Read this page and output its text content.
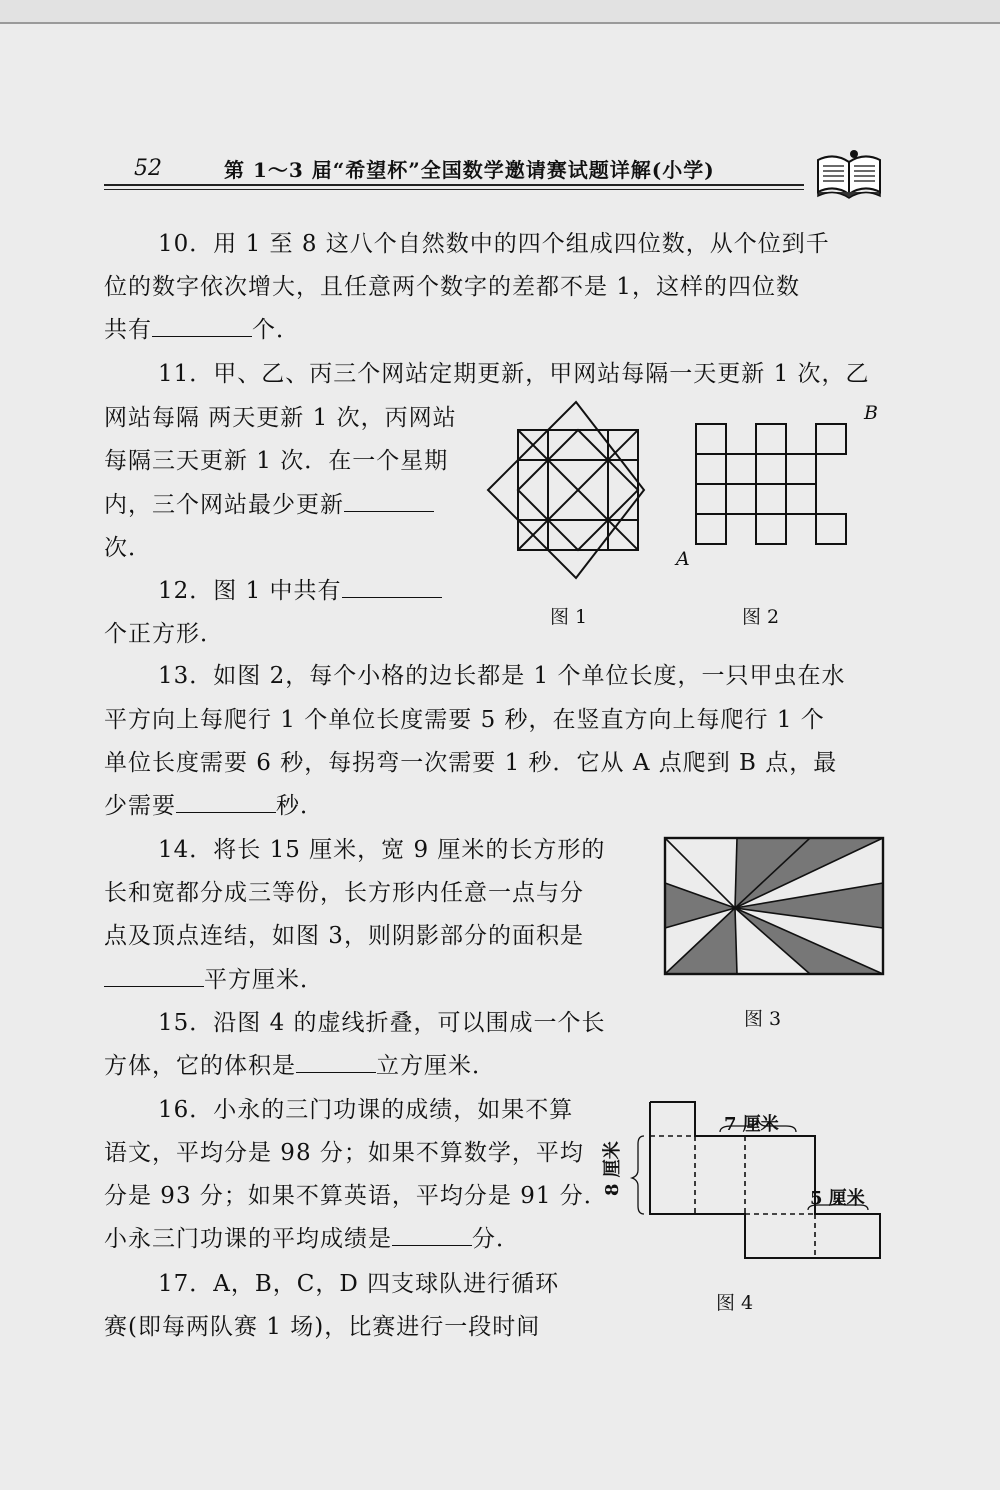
52	第 1～3 届“希望杯”全国数学邀请赛试题详解(小学)
10．用 1 至 8 这八个自然数中的四个组成四位数，从个位到千
位的数字依次增大，且任意两个数字的差都不是 1，这样的四位数
共有	个．
11．甲、乙、丙三个网站定期更新，甲网站每隔一天更新 1 次，乙
网站每隔 两天更新 1 次，丙网站
每隔三天更新 1 次．在一个星期
内，三个网站最少更新
次．
12．图 1 中共有
个正方形．
图 1
A
B
图 2
13．如图 2，每个小格的边长都是 1 个单位长度，一只甲虫在水
平方向上每爬行 1 个单位长度需要 5 秒，在竖直方向上每爬行 1 个
单位长度需要 6 秒，每拐弯一次需要 1 秒．它从 A 点爬到 B 点，最
少需要	秒．
14．将长 15 厘米，宽 9 厘米的长方形的
长和宽都分成三等份，长方形内任意一点与分
点及顶点连结，如图 3，则阴影部分的面积是
平方厘米．
图 3
15．沿图 4 的虚线折叠，可以围成一个长
方体，它的体积是	立方厘米．
16．小永的三门功课的成绩，如果不算
语文，平均分是 98 分；如果不算数学，平均
分是 93 分；如果不算英语，平均分是 91 分．
小永三门功课的平均成绩是	分．
7 厘米
5 厘米
8 厘米
图 4
17．A，B，C，D 四支球队进行循环
赛(即每两队赛 1 场)，比赛进行一段时间
